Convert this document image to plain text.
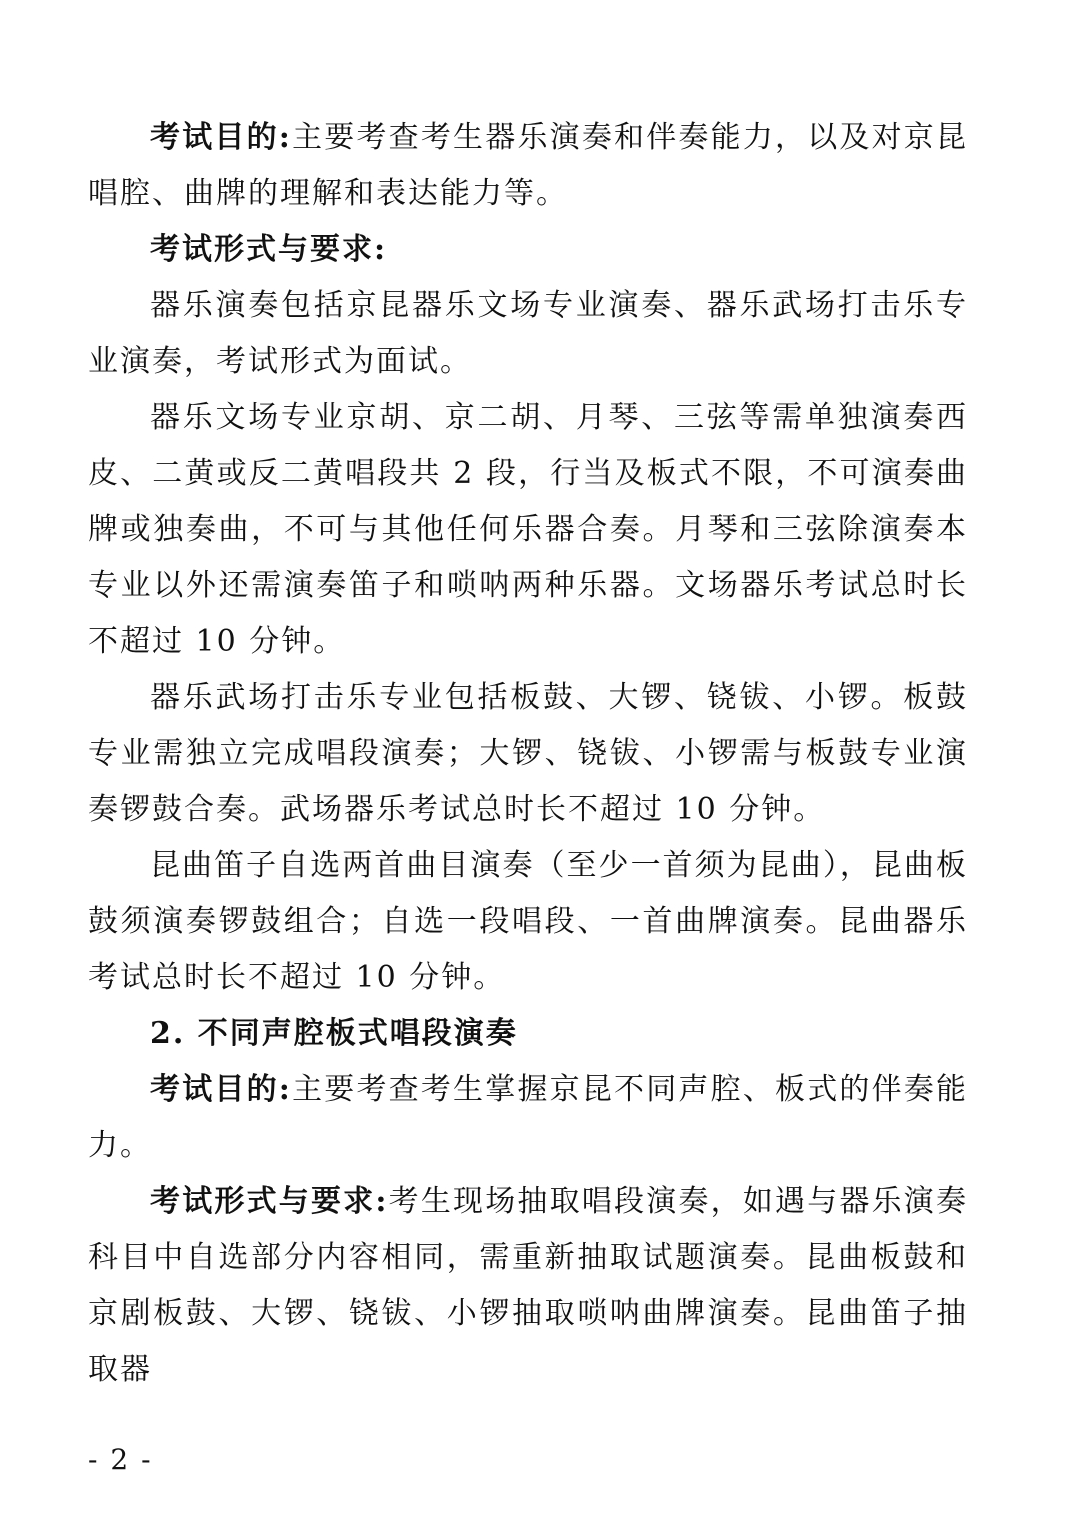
考试目的:主要考查考生器乐演奏和伴奏能力，以及对京昆唱腔、曲牌的理解和表达能力等。

考试形式与要求:

器乐演奏包括京昆器乐文场专业演奏、器乐武场打击乐专业演奏，考试形式为面试。

器乐文场专业京胡、京二胡、月琴、三弦等需单独演奏西皮、二黄或反二黄唱段共 2 段，行当及板式不限，不可演奏曲牌或独奏曲，不可与其他任何乐器合奏。月琴和三弦除演奏本专业以外还需演奏笛子和唢呐两种乐器。文场器乐考试总时长不超过 10 分钟。

器乐武场打击乐专业包括板鼓、大锣、铙钹、小锣。板鼓专业需独立完成唱段演奏；大锣、铙钹、小锣需与板鼓专业演奏锣鼓合奏。武场器乐考试总时长不超过 10 分钟。

昆曲笛子自选两首曲目演奏（至少一首须为昆曲），昆曲板鼓须演奏锣鼓组合；自选一段唱段、一首曲牌演奏。昆曲器乐考试总时长不超过 10 分钟。

2. 不同声腔板式唱段演奏

考试目的:主要考查考生掌握京昆不同声腔、板式的伴奏能力。

考试形式与要求:考生现场抽取唱段演奏，如遇与器乐演奏科目中自选部分内容相同，需重新抽取试题演奏。昆曲板鼓和京剧板鼓、大锣、铙钹、小锣抽取唢呐曲牌演奏。昆曲笛子抽取器

- 2 -
